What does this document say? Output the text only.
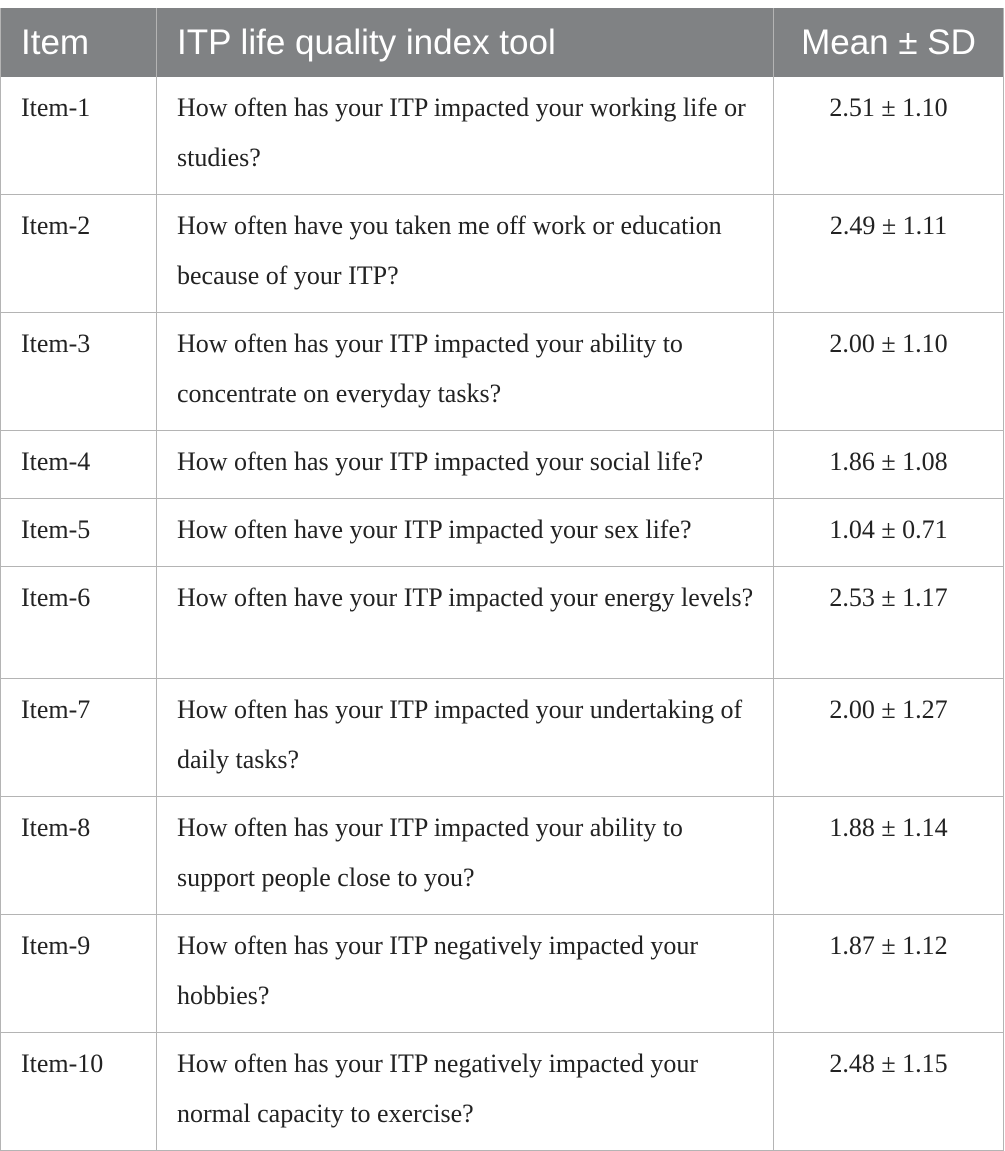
Item	ITP life quality index tool	Mean ± SD
Item-1	How often has your ITP impacted your working life or studies?	2.51 ± 1.10
Item-2	How often have you taken me off work or education because of your ITP?	2.49 ± 1.11
Item-3	How often has your ITP impacted your ability to concentrate on everyday tasks?	2.00 ± 1.10
Item-4	How often has your ITP impacted your social life?	1.86 ± 1.08
Item-5	How often have your ITP impacted your sex life?	1.04 ± 0.71
Item-6	How often have your ITP impacted your energy levels?	2.53 ± 1.17
Item-7	How often has your ITP impacted your undertaking of daily tasks?	2.00 ± 1.27
Item-8	How often has your ITP impacted your ability to support people close to you?	1.88 ± 1.14
Item-9	How often has your ITP negatively impacted your hobbies?	1.87 ± 1.12
Item-10	How often has your ITP negatively impacted your normal capacity to exercise?	2.48 ± 1.15
